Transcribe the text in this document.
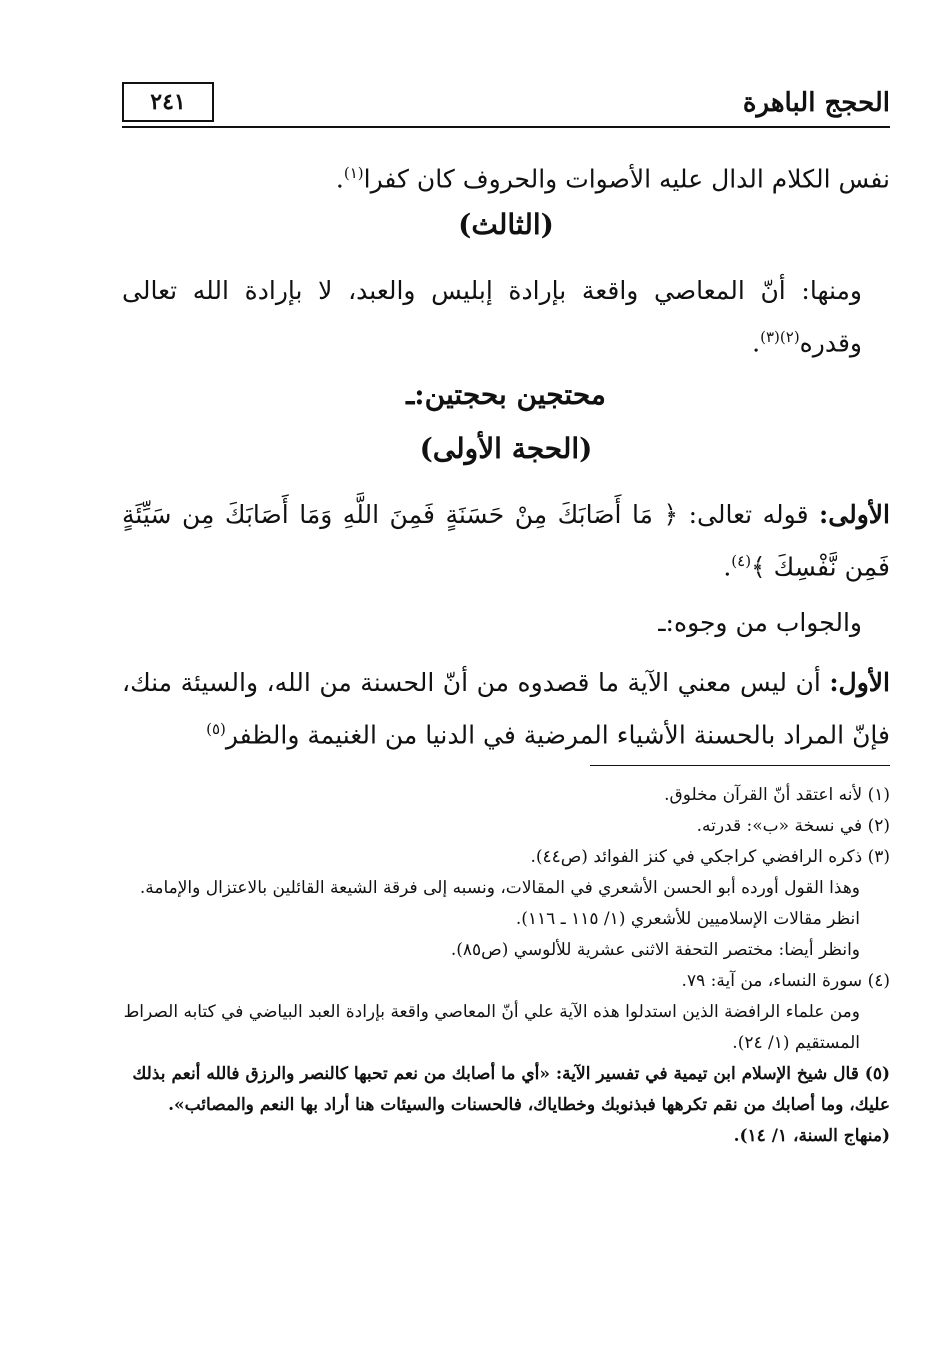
٢٤١	الحجج الباهرة

نفس الكلام الدال عليه الأصوات والحروف كان كفرا$^{(١)}$.

(الثالث)

ومنها: أنّ المعاصي واقعة بإرادة إبليس والعبد، لا بإرادة الله تعالى وقدره$^{(٢)(٣)}$.

محتجين بحجتين:ـ

(الحجة الأولى)

الأولى: قوله تعالى: ﴿ مَا أَصَابَكَ مِنْ حَسَنَةٍ فَمِنَ اللَّهِ وَمَا أَصَابَكَ مِن سَيِّئَةٍ فَمِن نَّفْسِكَ ﴾$^{(٤)}$.

والجواب من وجوه:ـ

الأول: أن ليس معني الآية ما قصدوه من أنّ الحسنة من الله، والسيئة منك، فإنّ المراد بالحسنة الأشياء المرضية في الدنيا من الغنيمة والظفر$^{(٥)}$

(١) لأنه اعتقد أنّ القرآن مخلوق.

(٢) في نسخة «ب»: قدرته.

(٣) ذكره الرافضي كراجكي في كنز الفوائد (ص٤٤).

وهذا القول أورده أبو الحسن الأشعري في المقالات، ونسبه إلى فرقة الشيعة القائلين بالاعتزال والإمامة.

انظر مقالات الإسلاميين للأشعري (١/ ١١٥ ـ ١١٦).

وانظر أيضا: مختصر التحفة الاثنى عشرية للألوسي (ص٨٥).

(٤) سورة النساء، من آية: ٧٩.

ومن علماء الرافضة الذين استدلوا هذه الآية علي أنّ المعاصي واقعة بإرادة العبد البياضي في كتابه الصراط المستقيم (١/ ٢٤).

(٥) قال شيخ الإسلام ابن تيمية في تفسير الآية: «أي ما أصابك من نعم تحبها كالنصر والرزق فالله أنعم بذلك عليك، وما أصابك من نقم تكرهها فبذنوبك وخطاياك، فالحسنات والسيئات هنا أراد بها النعم والمصائب». (منهاج السنة، ١/ ١٤).
